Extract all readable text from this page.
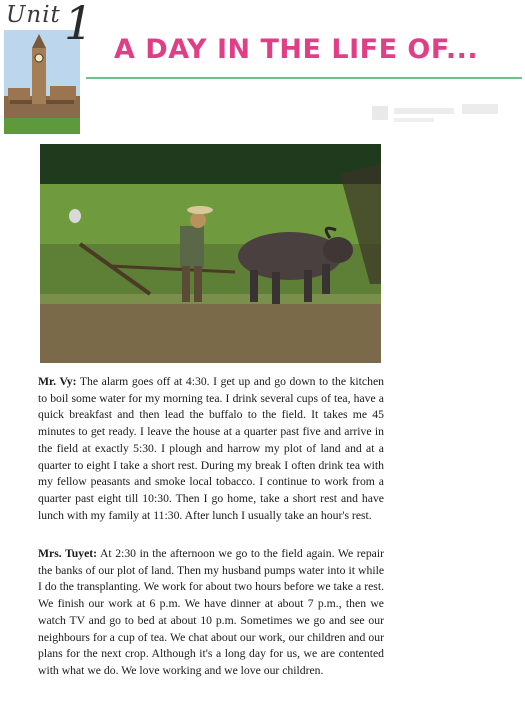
Unit 1 A DAY IN THE LIFE OF...

Mr. Vy: The alarm goes off at 4:30. I get up and go down to the kitchen to boil some water for my morning tea. I drink several cups of tea, have a quick breakfast and then lead the buffalo to the field. It takes me 45 minutes to get ready. I leave the house at a quarter past five and arrive in the field at exactly 5:30. I plough and harrow my plot of land and at a quarter to eight I take a short rest. During my break I often drink tea with my fellow peasants and smoke local tobacco. I continue to work from a quarter past eight till 10:30. Then I go home, take a short rest and have lunch with my family at 11:30. After lunch I usually take an hour's rest.

Mrs. Tuyet: At 2:30 in the afternoon we go to the field again. We repair the banks of our plot of land. Then my husband pumps water into it while I do the transplanting. We work for about two hours before we take a rest. We finish our work at 6 p.m. We have dinner at about 7 p.m., then we watch TV and go to bed at about 10 p.m. Sometimes we go and see our neighbours for a cup of tea. We chat about our work, our children and our plans for the next crop. Although it's a long day for us, we are contented with what we do. We love working and we love our children.
